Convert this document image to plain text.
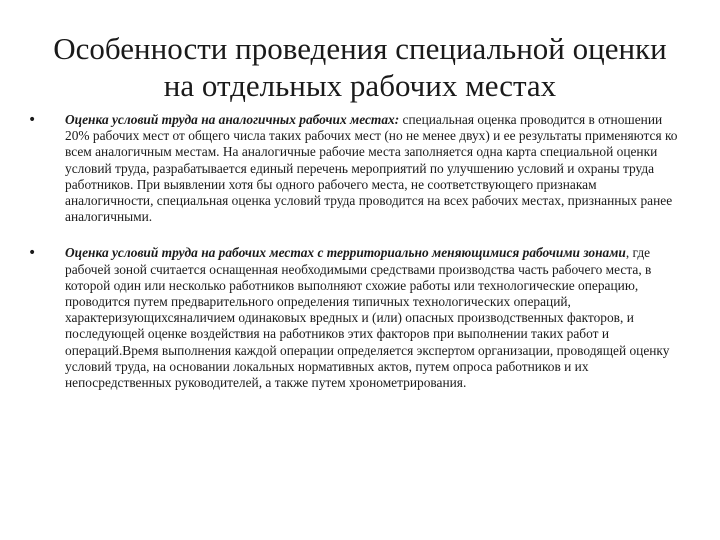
Особенности проведения специальной оценки
на отдельных рабочих местах
• Оценка условий труда на аналогичных рабочих местах: специальная оценка проводится в отношении 20% рабочих мест от общего числа таких рабочих мест (но не менее двух) и ее результаты применяются ко всем аналогичным местам. На аналогичные рабочие места заполняется одна карта специальной оценки условий труда, разрабатывается единый перечень мероприятий по улучшению условий и охраны труда работников. При выявлении хотя бы одного рабочего места, не соответствующего признакам аналогичности, специальная оценка условий труда проводится на всех рабочих местах, признанных ранее аналогичными.
• Оценка условий труда на рабочих местах с территориально меняющимися рабочими зонами, где рабочей зоной считается оснащенная необходимыми средствами производства часть рабочего места, в которой один или несколько работников выполняют схожие работы или технологические операцию, проводится путем предварительного определения типичных технологических операций, характеризующихсяналичием одинаковых вредных и (или) опасных производственных факторов, и последующей оценке воздействия на работников этих факторов при выполнении таких работ и операций.Время выполнения каждой операции определяется экспертом организации, проводящей оценку условий труда, на основании локальных нормативных актов, путем опроса работников и их непосредственных руководителей, а также путем хронометрирования.
